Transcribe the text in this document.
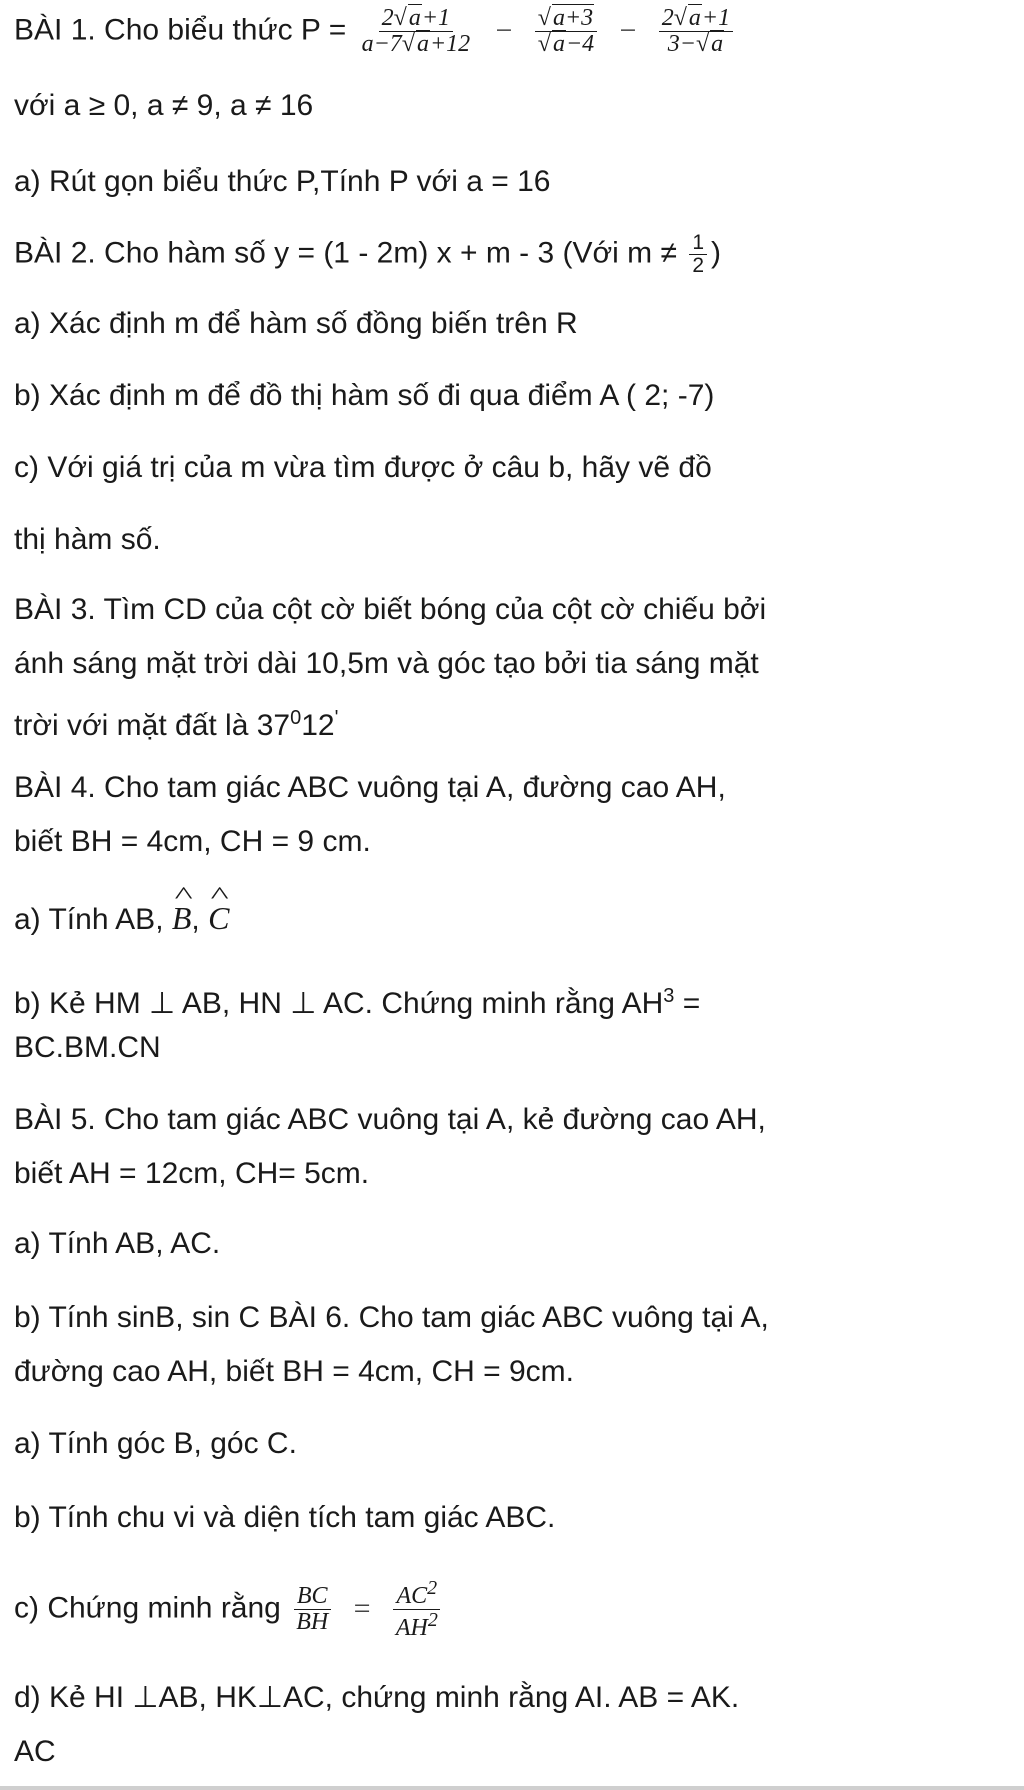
BÀI 1. Cho biểu thức $P = \frac{2√a+1}{a-7√a+12} - \frac{√a+3}{√a-4} - \frac{2√a+1}{3-√a}$
với a ≥ 0, a ≠ 9, a ≠ 16
a) Rút gọn biểu thức P,Tính P với a = 16
BÀI 2. Cho hàm số y = (1 - 2m) x + m - 3 (Với $m \ne \frac{1}{2}$ )
a) Xác định m để hàm số đồng biến trên R
b) Xác định m để đồ thị hàm số đi qua điểm A ( 2; -7)
c) Với giá trị của m vừa tìm được ở câu b, hãy vẽ đồ
thị hàm số.
BÀI 3. Tìm CD của cột cờ biết bóng của cột cờ chiếu bởi
ánh sáng mặt trời dài 10,5m và góc tạo bởi tia sáng mặt
trời với mặt đất là $37^012'$
BÀI 4. Cho tam giác ABC vuông tại A, đường cao AH,
biết BH = 4cm, CH = 9 cm.
a) Tính AB, ^ B, ^ C
b) Kẻ HM ⊥ AB, HN ⊥ AC. Chứng minh rằng $AH^3$ =
BC.BM.CN
BÀI 5. Cho tam giác ABC vuông tại A, kẻ đường cao AH,
biết AH = 12cm, CH= 5cm.
a) Tính AB, AC.
b) Tính sinB, sin C BÀI 6. Cho tam giác ABC vuông tại A,
đường cao AH, biết BH = 4cm, CH = 9cm.
a) Tính góc B, góc C.
b) Tính chu vi và diện tích tam giác ABC.
c) Chứng minh rằng $\frac{BC}{BH} = \frac{AC^2}{AH^2}$
d) Kẻ HI ⊥AB, HK⊥AC, chứng minh rằng AI. AB = AK.
AC
